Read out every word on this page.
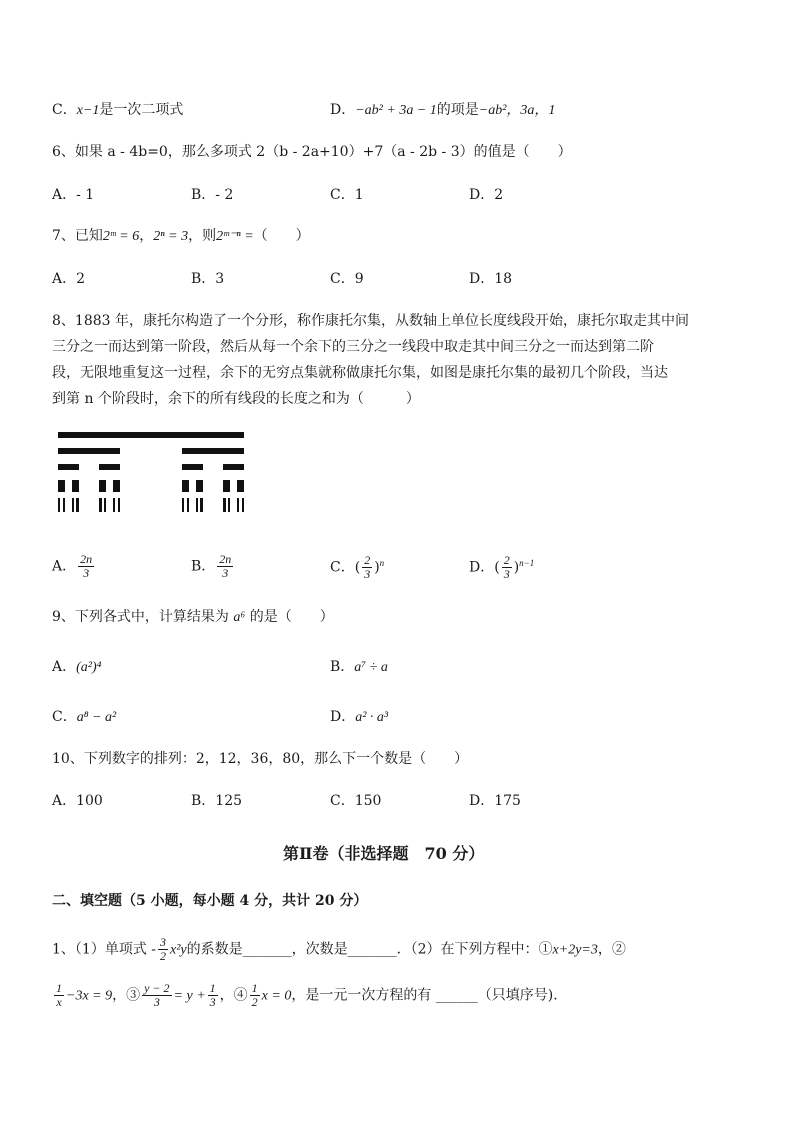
C．x−1是一次二项式	D．−ab² + 3a − 1的项是−ab²，3a，1
6、如果 a - 4b=0，那么多项式 2（b - 2a+10）+7（a - 2b - 3）的值是（　　）
A．- 1	B．- 2	C．1	D．2
7、已知2ᵐ = 6，2ⁿ = 3，则2ᵐ⁻ⁿ =（　　）
A．2	B．3	C．9	D．18
8、1883 年，康托尔构造了一个分形，称作康托尔集，从数轴上单位长度线段开始，康托尔取走其中间
三分之一而达到第一阶段，然后从每一个余下的三分之一线段中取走其中间三分之一而达到第二阶
段，无限地重复这一过程，余下的无穷点集就称做康托尔集，如图是康托尔集的最初几个阶段，当达
到第 n 个阶段时，余下的所有线段的长度之和为（　　　）
A． $\frac{2n}{3}$	B． $\frac{2n}{3}$	C．( $\frac{2}{3} )^n$	D．( $\frac{2}{3} )^{n-1}$
9、下列各式中，计算结果为 a⁶ 的是（　　）
A．(a²)⁴	B．a⁷ ÷ a
C．a⁸ − a²	D．a² · a³
10、下列数字的排列：2，12，36，80，那么下一个数是（　　）
A．100	B．125	C．150	D．175
第Ⅱ卷（非选择题　70 分）
二、填空题（5 小题，每小题 4 分，共计 20 分）
1、（1）单项式 - $\frac{3}{2} x^2y$的系数是_______，次数是_______．（2）在下列方程中：①x+2y=3，②
$\frac{1}{x} -3x = 9$，③ $\frac{y - 2}{3} = y + \frac{1}{3}$ ，④ $\frac{1}{2}$ x = 0，是一元一次方程的有 ______（只填序号).
